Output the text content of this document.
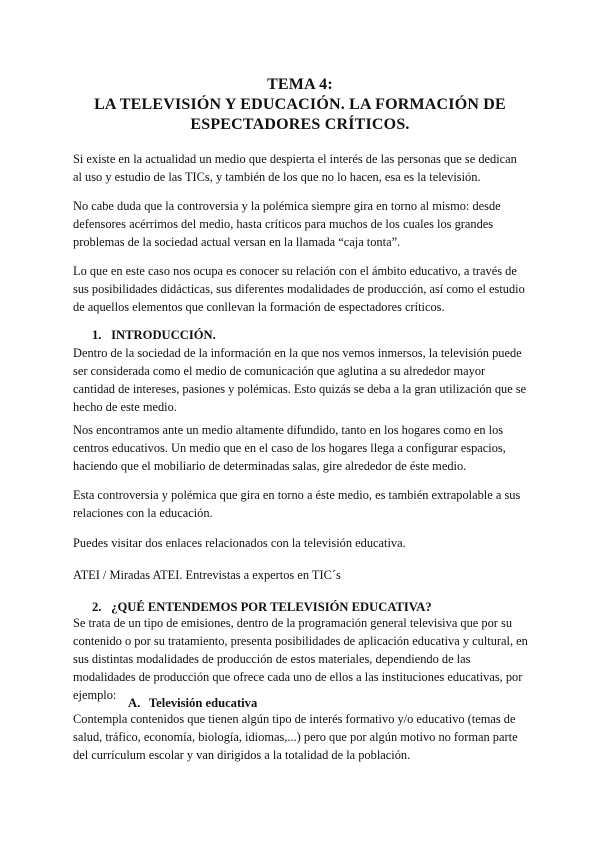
TEMA 4:
LA TELEVISIÓN Y EDUCACIÓN. LA FORMACIÓN DE
ESPECTADORES CRÍTICOS.

Si existe en la actualidad un medio que despierta el interés de las personas que se dedican al uso y estudio de las TICs, y también de los que no lo hacen, esa es la televisión.

No cabe duda que la controversia y la polémica siempre gira en torno al mismo: desde defensores acérrimos del medio, hasta críticos para muchos de los cuales los grandes problemas de la sociedad actual versan en la llamada “caja tonta”.

Lo que en este caso nos ocupa es conocer su relación con el ámbito educativo, a través de sus posibilidades didácticas, sus diferentes modalidades de producción, así como el estudio de aquellos elementos que conllevan la formación de espectadores críticos.

1. INTRODUCCIÓN.

Dentro de la sociedad de la información en la que nos vemos inmersos, la televisión puede ser considerada como el medio de comunicación que aglutina a su alrededor mayor cantidad de intereses, pasiones y polémicas. Esto quizás se deba a la gran utilización que se hecho de este medio.

Nos encontramos ante un medio altamente difundido, tanto en los hogares como en los centros educativos. Un medio que en el caso de los hogares llega a configurar espacios, haciendo que el mobiliario de determinadas salas, gire alrededor de éste medio.

Esta controversia y polémica que gira en torno a éste medio, es también extrapolable a sus relaciones con la educación.

Puedes visitar dos enlaces relacionados con la televisión educativa.

ATEI / Miradas ATEI. Entrevistas a expertos en TIC´s

2. ¿QUÉ ENTENDEMOS POR TELEVISIÓN EDUCATIVA?

Se trata de un tipo de emisiones, dentro de la programación general televisiva que por su contenido o por su tratamiento, presenta posibilidades de aplicación educativa y cultural, en sus distintas modalidades de producción de estos materiales, dependiendo de las modalidades de producción que ofrece cada uno de ellos a las instituciones educativas, por ejemplo:

A. Televisión educativa

Contempla contenidos que tienen algún tipo de interés formativo y/o educativo (temas de salud, tráfico, economía, biología, idiomas,...) pero que por algún motivo no forman parte del currículum escolar y van dirigidos a la totalidad de la población.
